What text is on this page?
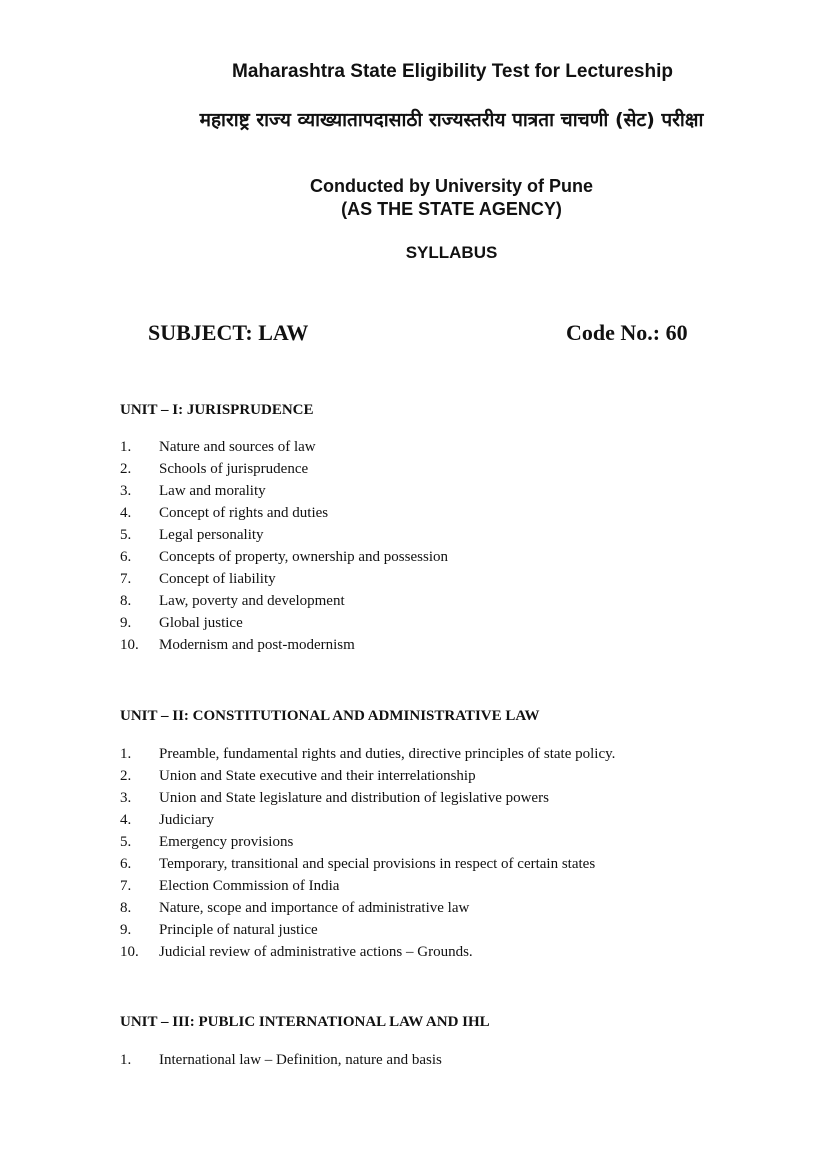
Maharashtra State Eligibility Test for Lectureship
महाराष्ट्र राज्य व्याख्यातापदासाठी राज्यस्तरीय पात्रता चाचणी (सेट) परीक्षा
Conducted by University of Pune
(AS THE STATE AGENCY)
SYLLABUS
SUBJECT: LAW	Code No.: 60
UNIT – I: JURISPRUDENCE
1. Nature and sources of law
2. Schools of jurisprudence
3. Law and morality
4. Concept of rights and duties
5. Legal personality
6. Concepts of property, ownership and possession
7. Concept of liability
8. Law, poverty and development
9. Global justice
10. Modernism and post-modernism
UNIT – II: CONSTITUTIONAL AND ADMINISTRATIVE LAW
1. Preamble, fundamental rights and duties, directive principles of state policy.
2. Union and State executive and their interrelationship
3. Union and State legislature and distribution of legislative powers
4. Judiciary
5. Emergency provisions
6. Temporary, transitional and special provisions in respect of certain states
7. Election Commission of India
8. Nature, scope and importance of administrative law
9. Principle of natural justice
10. Judicial review of administrative actions – Grounds.
UNIT – III: PUBLIC INTERNATIONAL LAW AND IHL
1. International law – Definition, nature and basis
